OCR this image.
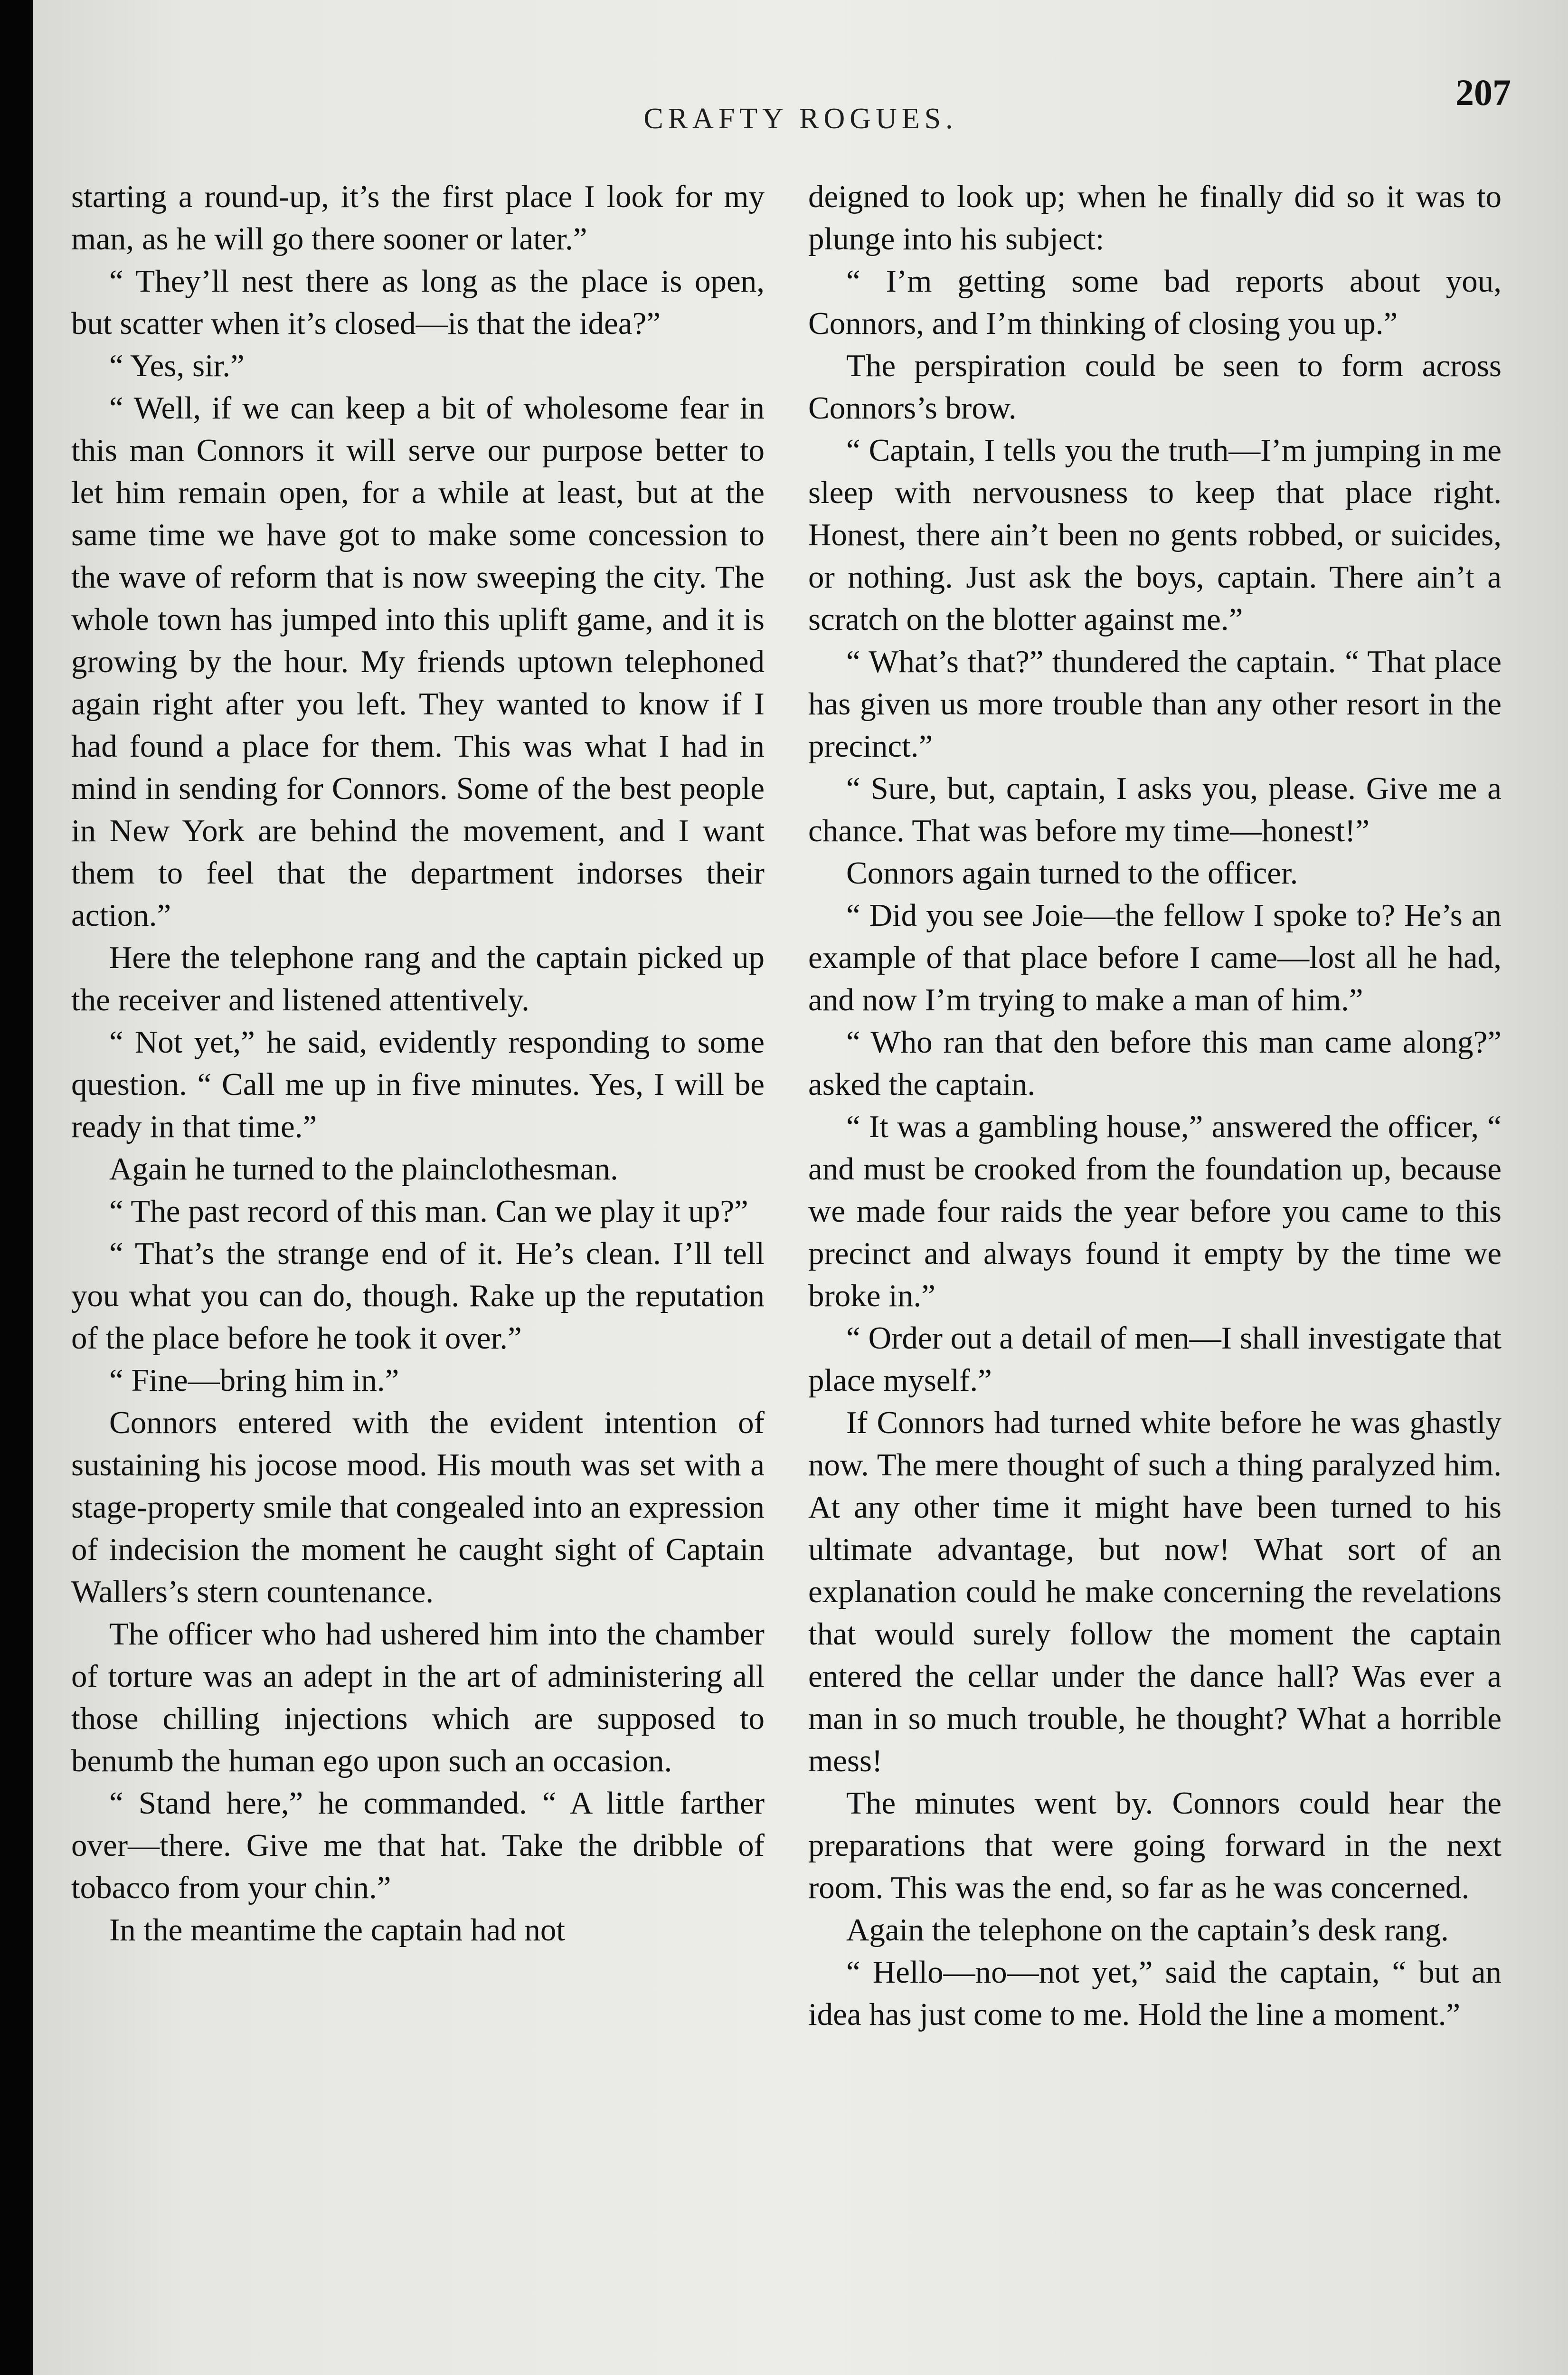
207
CRAFTY ROGUES.

starting a round-up, it’s the first place I look for my man, as he will go there sooner or later.”

“ They’ll nest there as long as the place is open, but scatter when it’s closed—is that the idea?”

“ Yes, sir.”

“ Well, if we can keep a bit of wholesome fear in this man Connors it will serve our purpose better to let him remain open, for a while at least, but at the same time we have got to make some concession to the wave of reform that is now sweeping the city. The whole town has jumped into this uplift game, and it is growing by the hour. My friends uptown telephoned again right after you left. They wanted to know if I had found a place for them. This was what I had in mind in sending for Connors. Some of the best people in New York are behind the movement, and I want them to feel that the department indorses their action.”

Here the telephone rang and the captain picked up the receiver and listened attentively.

“ Not yet,” he said, evidently responding to some question. “ Call me up in five minutes. Yes, I will be ready in that time.”

Again he turned to the plainclothesman.

“ The past record of this man. Can we play it up?”

“ That’s the strange end of it. He’s clean. I’ll tell you what you can do, though. Rake up the reputation of the place before he took it over.”

“ Fine—bring him in.”

Connors entered with the evident intention of sustaining his jocose mood. His mouth was set with a stage-property smile that congealed into an expression of indecision the moment he caught sight of Captain Wallers’s stern countenance.

The officer who had ushered him into the chamber of torture was an adept in the art of administering all those chilling injections which are supposed to benumb the human ego upon such an occasion.

“ Stand here,” he commanded. “ A little farther over—there. Give me that hat. Take the dribble of tobacco from your chin.”

In the meantime the captain had not

deigned to look up; when he finally did so it was to plunge into his subject:

“ I’m getting some bad reports about you, Connors, and I’m thinking of closing you up.”

The perspiration could be seen to form across Connors’s brow.

“ Captain, I tells you the truth—I’m jumping in me sleep with nervousness to keep that place right. Honest, there ain’t been no gents robbed, or suicides, or nothing. Just ask the boys, captain. There ain’t a scratch on the blotter against me.”

“ What’s that?” thundered the captain. “ That place has given us more trouble than any other resort in the precinct.”

“ Sure, but, captain, I asks you, please. Give me a chance. That was before my time—honest!”

Connors again turned to the officer.

“ Did you see Joie—the fellow I spoke to? He’s an example of that place before I came—lost all he had, and now I’m trying to make a man of him.”

“ Who ran that den before this man came along?” asked the captain.

“ It was a gambling house,” answered the officer, “ and must be crooked from the foundation up, because we made four raids the year before you came to this precinct and always found it empty by the time we broke in.”

“ Order out a detail of men—I shall investigate that place myself.”

If Connors had turned white before he was ghastly now. The mere thought of such a thing paralyzed him. At any other time it might have been turned to his ultimate advantage, but now! What sort of an explanation could he make concerning the revelations that would surely follow the moment the captain entered the cellar under the dance hall? Was ever a man in so much trouble, he thought? What a horrible mess!

The minutes went by. Connors could hear the preparations that were going forward in the next room. This was the end, so far as he was concerned.

Again the telephone on the captain’s desk rang.

“ Hello—no—not yet,” said the captain, “ but an idea has just come to me. Hold the line a moment.”
